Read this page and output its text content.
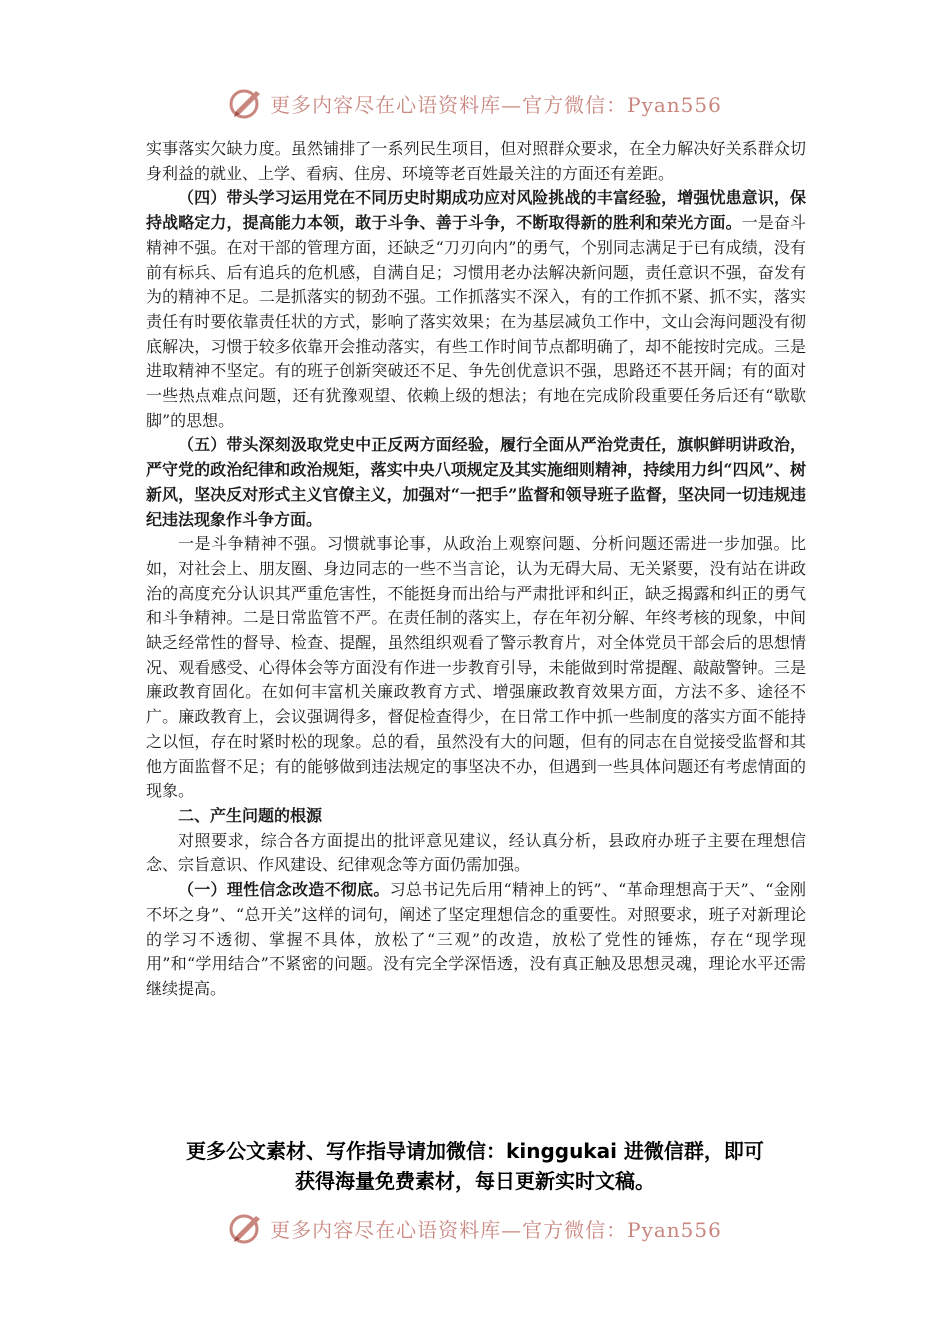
更多内容尽在心语资料库—官方微信：Pyan556

实事落实欠缺力度。虽然铺排了一系列民生项目，但对照群众要求，在全力解决好关系群众切身利益的就业、上学、看病、住房、环境等老百姓最关注的方面还有差距。

（四）带头学习运用党在不同历史时期成功应对风险挑战的丰富经验，增强忧患意识，保持战略定力，提高能力本领，敢于斗争、善于斗争，不断取得新的胜利和荣光方面。一是奋斗精神不强。在对干部的管理方面，还缺乏“刀刃向内”的勇气，个别同志满足于已有成绩，没有前有标兵、后有追兵的危机感，自满自足；习惯用老办法解决新问题，责任意识不强，奋发有为的精神不足。二是抓落实的韧劲不强。工作抓落实不深入，有的工作抓不紧、抓不实，落实责任有时要依靠责任状的方式，影响了落实效果；在为基层减负工作中，文山会海问题没有彻底解决，习惯于较多依靠开会推动落实，有些工作时间节点都明确了，却不能按时完成。三是进取精神不坚定。有的班子创新突破还不足、争先创优意识不强，思路还不甚开阔；有的面对一些热点难点问题，还有犹豫观望、依赖上级的想法；有地在完成阶段重要任务后还有“歇歇脚”的思想。

（五）带头深刻汲取党史中正反两方面经验，履行全面从严治党责任，旗帜鲜明讲政治，严守党的政治纪律和政治规矩，落实中央八项规定及其实施细则精神，持续用力纠“四风”、树新风，坚决反对形式主义官僚主义，加强对“一把手”监督和领导班子监督，坚决同一切违规违纪违法现象作斗争方面。

一是斗争精神不强。习惯就事论事，从政治上观察问题、分析问题还需进一步加强。比如，对社会上、朋友圈、身边同志的一些不当言论，认为无碍大局、无关紧要，没有站在讲政治的高度充分认识其严重危害性，不能挺身而出给与严肃批评和纠正，缺乏揭露和纠正的勇气和斗争精神。二是日常监管不严。在责任制的落实上，存在年初分解、年终考核的现象，中间缺乏经常性的督导、检查、提醒，虽然组织观看了警示教育片，对全体党员干部会后的思想情况、观看感受、心得体会等方面没有作进一步教育引导，未能做到时常提醒、敲敲警钟。三是廉政教育固化。在如何丰富机关廉政教育方式、增强廉政教育效果方面，方法不多、途径不广。廉政教育上，会议强调得多，督促检查得少，在日常工作中抓一些制度的落实方面不能持之以恒，存在时紧时松的现象。总的看，虽然没有大的问题，但有的同志在自觉接受监督和其他方面监督不足；有的能够做到违法规定的事坚决不办，但遇到一些具体问题还有考虑情面的现象。

二、产生问题的根源

对照要求，综合各方面提出的批评意见建议，经认真分析，县政府办班子主要在理想信念、宗旨意识、作风建设、纪律观念等方面仍需加强。

（一）理性信念改造不彻底。习总书记先后用“精神上的钙”、“革命理想高于天”、“金刚不坏之身”、“总开关”这样的词句，阐述了坚定理想信念的重要性。对照要求，班子对新理论的学习不透彻、掌握不具体，放松了“三观”的改造，放松了党性的锤炼，存在“现学现用”和“学用结合”不紧密的问题。没有完全学深悟透，没有真正触及思想灵魂，理论水平还需继续提高。

更多公文素材、写作指导请加微信：kinggukai 进微信群，即可
获得海量免费素材，每日更新实时文稿。
更多内容尽在心语资料库—官方微信：Pyan556
